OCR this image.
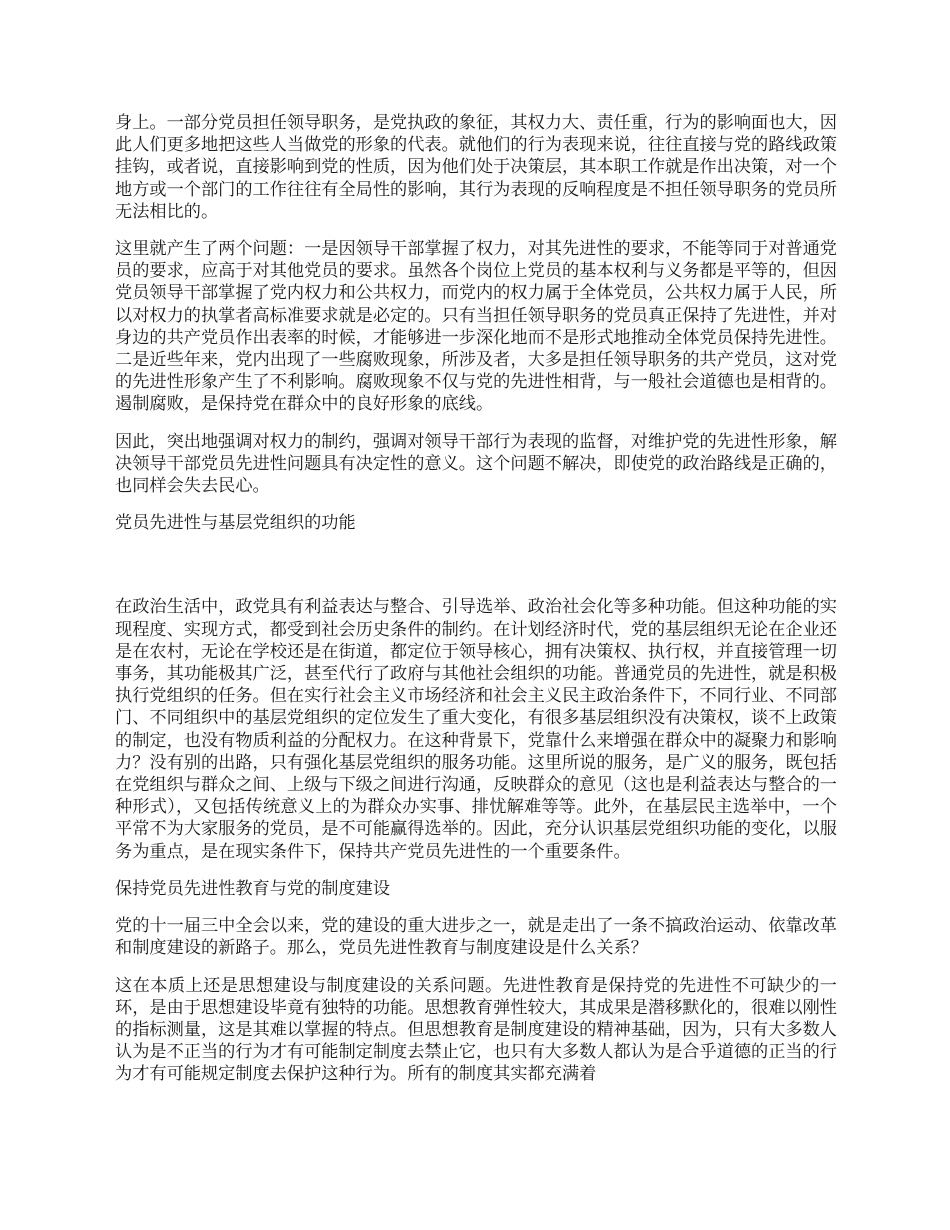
身上。一部分党员担任领导职务，是党执政的象征，其权力大、责任重，行为的影响面也大，因此人们更多地把这些人当做党的形象的代表。就他们的行为表现来说，往往直接与党的路线政策挂钩，或者说，直接影响到党的性质，因为他们处于决策层，其本职工作就是作出决策，对一个地方或一个部门的工作往往有全局性的影响，其行为表现的反响程度是不担任领导职务的党员所无法相比的。

这里就产生了两个问题：一是因领导干部掌握了权力，对其先进性的要求，不能等同于对普通党员的要求，应高于对其他党员的要求。虽然各个岗位上党员的基本权利与义务都是平等的，但因党员领导干部掌握了党内权力和公共权力，而党内的权力属于全体党员，公共权力属于人民，所以对权力的执掌者高标准要求就是必定的。只有当担任领导职务的党员真正保持了先进性，并对身边的共产党员作出表率的时候，才能够进一步深化地而不是形式地推动全体党员保持先进性。二是近些年来，党内出现了一些腐败现象，所涉及者，大多是担任领导职务的共产党员，这对党的先进性形象产生了不利影响。腐败现象不仅与党的先进性相背，与一般社会道德也是相背的。遏制腐败，是保持党在群众中的良好形象的底线。

因此，突出地强调对权力的制约，强调对领导干部行为表现的监督，对维护党的先进性形象，解决领导干部党员先进性问题具有决定性的意义。这个问题不解决，即使党的政治路线是正确的，也同样会失去民心。

党员先进性与基层党组织的功能

在政治生活中，政党具有利益表达与整合、引导选举、政治社会化等多种功能。但这种功能的实现程度、实现方式，都受到社会历史条件的制约。在计划经济时代，党的基层组织无论在企业还是在农村，无论在学校还是在街道，都定位于领导核心，拥有决策权、执行权，并直接管理一切事务，其功能极其广泛，甚至代行了政府与其他社会组织的功能。普通党员的先进性，就是积极执行党组织的任务。但在实行社会主义市场经济和社会主义民主政治条件下，不同行业、不同部门、不同组织中的基层党组织的定位发生了重大变化，有很多基层组织没有决策权，谈不上政策的制定，也没有物质利益的分配权力。在这种背景下，党靠什么来增强在群众中的凝聚力和影响力？没有别的出路，只有强化基层党组织的服务功能。这里所说的服务，是广义的服务，既包括在党组织与群众之间、上级与下级之间进行沟通，反映群众的意见（这也是利益表达与整合的一种形式），又包括传统意义上的为群众办实事、排忧解难等等。此外，在基层民主选举中，一个平常不为大家服务的党员，是不可能赢得选举的。因此，充分认识基层党组织功能的变化，以服务为重点，是在现实条件下，保持共产党员先进性的一个重要条件。

保持党员先进性教育与党的制度建设

党的十一届三中全会以来，党的建设的重大进步之一，就是走出了一条不搞政治运动、依靠改革和制度建设的新路子。那么，党员先进性教育与制度建设是什么关系？

这在本质上还是思想建设与制度建设的关系问题。先进性教育是保持党的先进性不可缺少的一环，是由于思想建设毕竟有独特的功能。思想教育弹性较大，其成果是潜移默化的，很难以刚性的指标测量，这是其难以掌握的特点。但思想教育是制度建设的精神基础，因为，只有大多数人认为是不正当的行为才有可能制定制度去禁止它，也只有大多数人都认为是合乎道德的正当的行为才有可能规定制度去保护这种行为。所有的制度其实都充满着
